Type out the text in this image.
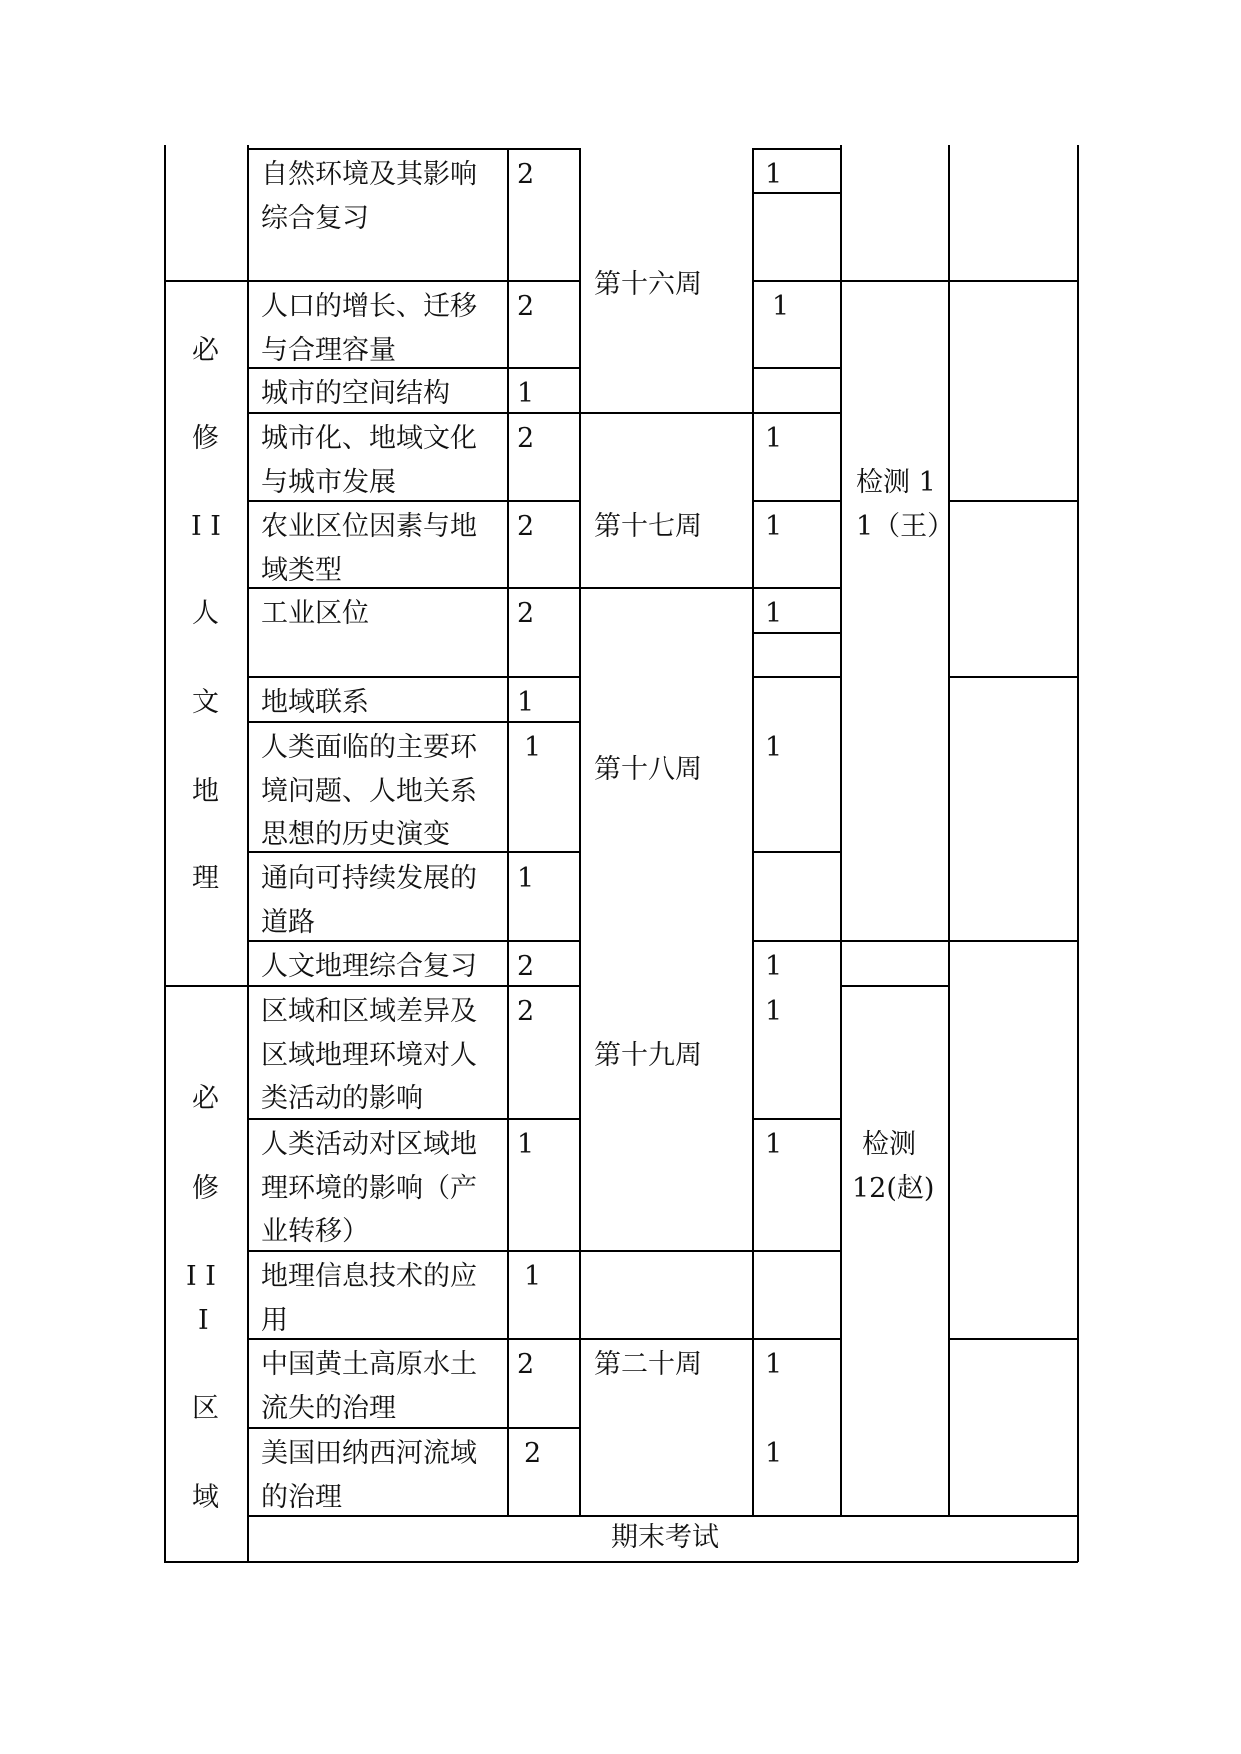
自然环境及其影响
综合复习
人口的增长、迁移
与合理容量
城市的空间结构
城市化、地域文化
与城市发展
农业区位因素与地
域类型
工业区位
地域联系
人类面临的主要环
境问题、人地关系
思想的历史演变
通向可持续发展的
道路
人文地理综合复习
区域和区域差异及
区域地理环境对人
类活动的影响
人类活动对区域地
理环境的影响（产
业转移）
地理信息技术的应
用
中国黄土高原水土
流失的治理
美国田纳西河流域
的治理
2
2
1
2
2
2
1
1
1
2
2
1
1
2
2
第十六周
第十七周
第十八周
第十九周
第二十周
1
1
1
1
1
1
1
1
1
1
1
检测 1
1（王）
检测
12(赵)
必
修
I I
人
文
地
理
必
修
I I
I
区
域
期末考试
